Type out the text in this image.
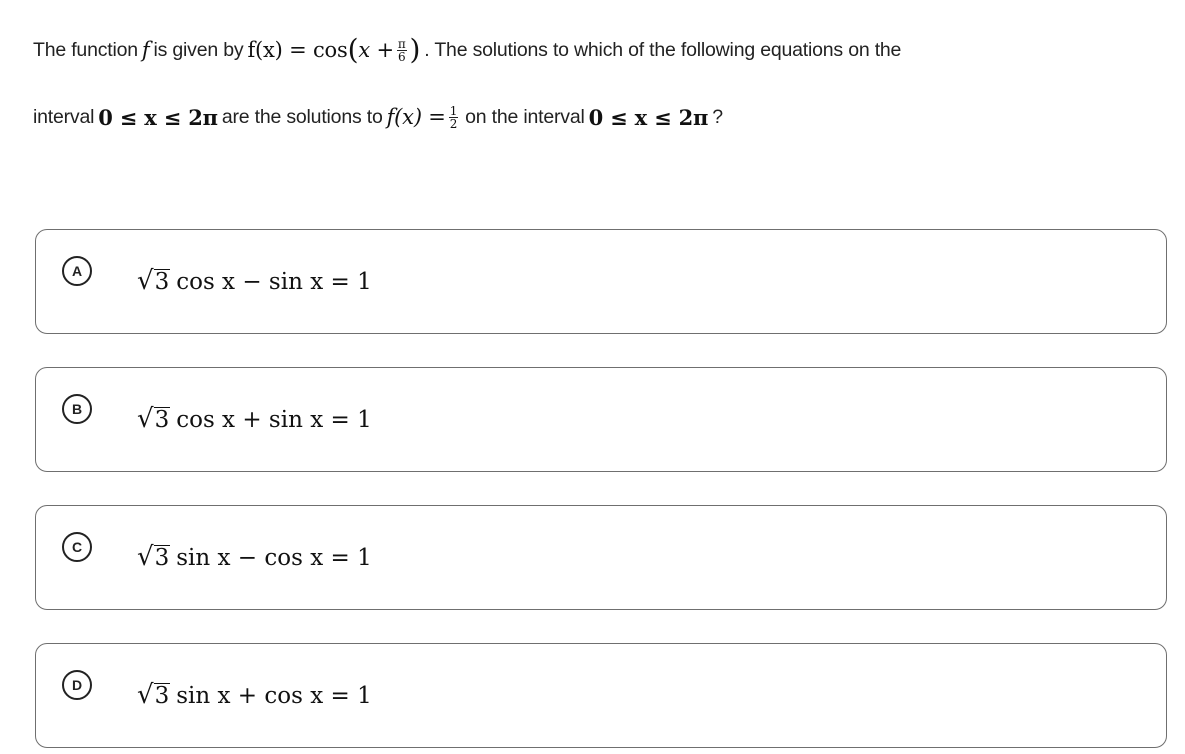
The function f is given by f(x) =
cos ( $x + \frac{\pi}{6}$ ) . The solutions to which of the following equations on the
interval 0 ≤ x ≤ 2π are the solutions to $f(x) = \frac{1}{2}$ on the interval 0 ≤ x ≤ 2π ?
A	√ 3 cos x − sin x = 1
B	√ 3 cos x + sin x = 1
C	√ 3 sin x − cos x = 1
D	√ 3 sin x + cos x = 1
